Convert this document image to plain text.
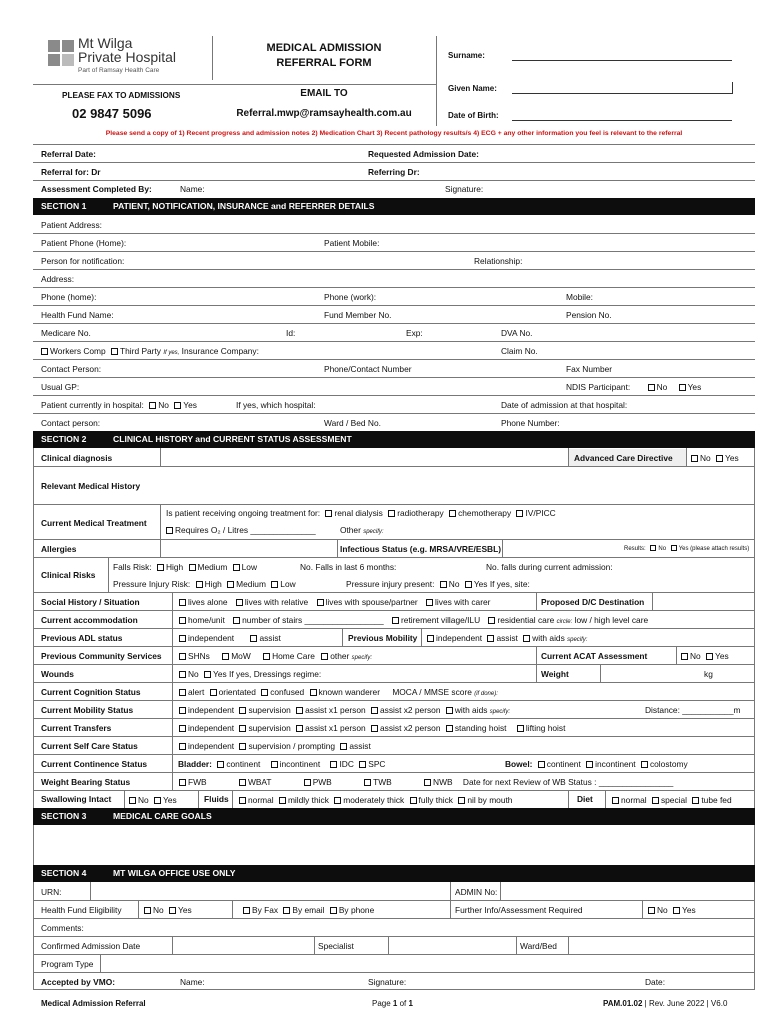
Mt Wilga
Private Hospital
Part of Ramsay Health Care
MEDICAL ADMISSION
REFERRAL FORM
Surname:
Given Name:
Date of Birth:
PLEASE FAX TO ADMISSIONS
02 9847 5096
EMAIL TO
Referral.mwp@ramsayhealth.com.au
Please send a copy of 1) Recent progress and admission notes 2) Medication Chart 3) Recent pathology results/s 4) ECG + any other information you feel is relevant to the referral
Referral Date:	Requested Admission Date:
Referral for: Dr	Referring Dr:
Assessment Completed By:	Name:	Signature:
SECTION 1	PATIENT, NOTIFICATION, INSURANCE and REFERRER DETAILS
Patient Address:
Patient Phone (Home):	Patient Mobile:
Person for notification:	Relationship:
Address:
Phone (home):	Phone (work):	Mobile:
Health Fund Name:	Fund Member No.	Pension No.
Medicare No.	Id:	Exp:	DVA No.
Workers Comp Third Party If yes, Insurance Company:	Claim No.
Contact Person:	Phone/Contact Number	Fax Number
Usual GP:	NDIS Participant:	No Yes
Patient currently in hospital: No Yes	If yes, which hospital:	Date of admission at that hospital:
Contact person:	Ward / Bed No.	Phone Number:
SECTION 2	CLINICAL HISTORY and CURRENT STATUS ASSESSMENT
Clinical diagnosis	Advanced Care Directive	No Yes
Relevant Medical History
Current Medical Treatment
Is patient receiving ongoing treatment for: renal dialysis radiotherapy chemotherapy IV/PICC
Requires O₂ / Litres ______________	Other specify:
Allergies	Infectious Status (e.g. MRSA/VRE/ESBL)	Results: No Yes (please attach results)
Clinical Risks
Falls Risk: High Medium Low	No. Falls in last 6 months:	No. falls during current admission:
Pressure Injury Risk: High Medium Low	Pressure injury present: No Yes If yes, site:
Social History / Situation	lives alone lives with relative lives with spouse/partner lives with carer	Proposed D/C Destination
Current accommodation	home/unit number of stairs _________________ retirement village/ILU residential care circle: low / high level care
Previous ADL status	independent	assist	Previous Mobility	independent assist with aids specify:
Previous Community Services	SHNs	MoW	Home Care other specify:	Current ACAT Assessment	No Yes
Wounds	No Yes If yes, Dressings regime:	Weight	kg
Current Cognition Status	alert orientated confused known wanderer MOCA / MMSE score (if done):
Current Mobility Status	independent supervision assist x1 person assist x2 person with aids specify:	Distance: ___________m
Current Transfers	independent supervision assist x1 person assist x2 person standing hoist lifting hoist
Current Self Care Status	independent supervision / prompting assist
Current Continence Status	Bladder: continent incontinent IDC SPC	Bowel: continent incontinent colostomy
Weight Bearing Status	FWB	WBAT	PWB	TWB	NWB Date for next Review of WB Status : ________________
Swallowing Intact	No Yes	Fluids	normal mildly thick moderately thick fully thick nil by mouth	Diet	normal special tube fed
SECTION 3	MEDICAL CARE GOALS
SECTION 4	MT WILGA OFFICE USE ONLY
URN:	ADMIN No:
Health Fund Eligibility	No Yes	By Fax By email By phone	Further Info/Assessment Required	No Yes
Comments:
Confirmed Admission Date	Specialist	Ward/Bed
Program Type
Accepted by VMO:	Name:	Signature:	Date:
Medical Admission Referral	Page 1 of 1	PAM.01.02 | Rev. June 2022 | V6.0
